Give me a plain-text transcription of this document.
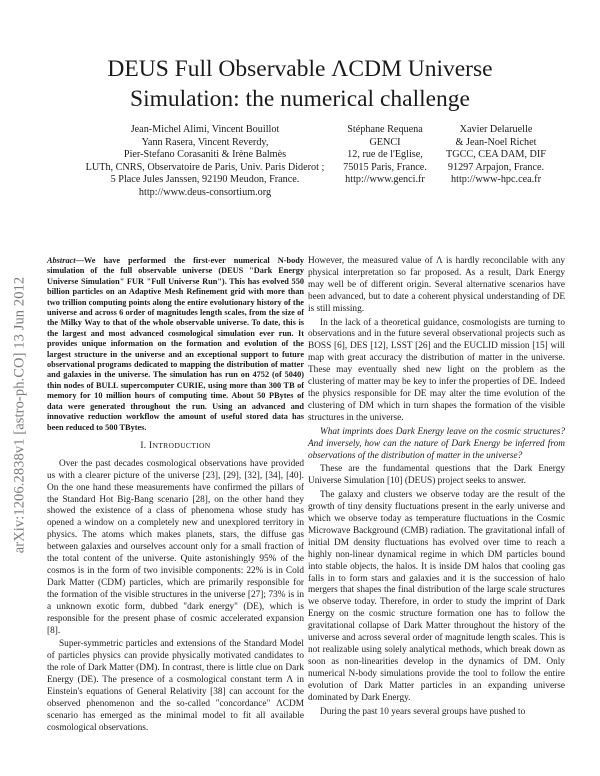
arXiv:1206.2838v1 [astro-ph.CO] 13 Jun 2012
DEUS Full Observable ΛCDM Universe
Simulation: the numerical challenge
Jean-Michel Alimi, Vincent Bouillot
Yann Rasera, Vincent Reverdy,
Pier-Stefano Corasaniti & Irène Balmès
LUTh, CNRS, Observatoire de Paris, Univ. Paris Diderot ;
5 Place Jules Janssen, 92190 Meudon, France.
http://www.deus-consortium.org
Stéphane Requena
GENCI
12, rue de l'Eglise,
75015 Paris, France.
http://www.genci.fr
Xavier Delaruelle
& Jean-Noel Richet
TGCC, CEA DAM, DIF
91297 Arpajon, France.
http://www-hpc.cea.fr

Abstract—We have performed the first-ever numerical N-body simulation of the full observable universe (DEUS "Dark Energy Universe Simulation" FUR "Full Universe Run"). This has evolved 550 billion particles on an Adaptive Mesh Refinement grid with more than two trillion computing points along the entire evolutionary history of the universe and across 6 order of magnitudes length scales, from the size of the Milky Way to that of the whole observable universe. To date, this is the largest and most advanced cosmological simulation ever run. It provides unique information on the formation and evolution of the largest structure in the universe and an exceptional support to future observational programs dedicated to mapping the distribution of matter and galaxies in the universe. The simulation has run on 4752 (of 5040) thin nodes of BULL supercomputer CURIE, using more than 300 TB of memory for 10 million hours of computing time. About 50 PBytes of data were generated throughout the run. Using an advanced and innovative reduction workflow the amount of useful stored data has been reduced to 500 TBytes.

I. INTRODUCTION

Over the past decades cosmological observations have provided us with a clearer picture of the universe [23], [29], [32], [34], [40]. On the one hand these measurements have confirmed the pillars of the Standard Hot Big-Bang scenario [28], on the other hand they showed the existence of a class of phenomena whose study has opened a window on a completely new and unexplored territory in physics. The atoms which makes planets, stars, the diffuse gas between galaxies and ourselves account only for a small fraction of the total content of the universe. Quite astonishingly 95% of the cosmos is in the form of two invisible components: 22% is in Cold Dark Matter (CDM) particles, which are primarily responsible for the formation of the visible structures in the universe [27]; 73% is in a unknown exotic form, dubbed "dark energy" (DE), which is responsible for the present phase of cosmic accelerated expansion [8].

Super-symmetric particles and extensions of the Standard Model of particles physics can provide physically motivated candidates to the role of Dark Matter (DM). In contrast, there is little clue on Dark Energy (DE). The presence of a cosmological constant term Λ in Einstein's equations of General Relativity [38] can account for the observed phenomenon and the so-called "concordance" ΛCDM scenario has emerged as the minimal model to fit all available cosmological observations.

However, the measured value of Λ is hardly reconcilable with any physical interpretation so far proposed. As a result, Dark Energy may well be of different origin. Several alternative scenarios have been advanced, but to date a coherent physical understanding of DE is still missing.

In the lack of a theoretical guidance, cosmologists are turning to observations and in the future several observational projects such as BOSS [6], DES [12], LSST [26] and the EUCLID mission [15] will map with great accuracy the distribution of matter in the universe. These may eventually shed new light on the problem as the clustering of matter may be key to infer the properties of DE. Indeed the physics responsible for DE may alter the time evolution of the clustering of DM which in turn shapes the formation of the visible structures in the universe.

What imprints does Dark Energy leave on the cosmic structures? And inversely, how can the nature of Dark Energy be inferred from observations of the distribution of matter in the universe?

These are the fundamental questions that the Dark Energy Universe Simulation [10] (DEUS) project seeks to answer.

The galaxy and clusters we observe today are the result of the growth of tiny density fluctuations present in the early universe and which we observe today as temperature fluctuations in the Cosmic Microwave Background (CMB) radiation. The gravitational infall of initial DM density fluctuations has evolved over time to reach a highly non-linear dynamical regime in which DM particles bound into stable objects, the halos. It is inside DM halos that cooling gas falls in to form stars and galaxies and it is the succession of halo mergers that shapes the final distribution of the large scale structures we observe today. Therefore, in order to study the imprint of Dark Energy on the cosmic structure formation one has to follow the gravitational collapse of Dark Matter throughout the history of the universe and across several order of magnitude length scales. This is not realizable using solely analytical methods, which break down as soon as non-linearities develop in the dynamics of DM. Only numerical N-body simulations provide the tool to follow the entire evolution of Dark Matter particles in an expanding universe dominated by Dark Energy.

During the past 10 years several groups have pushed to
